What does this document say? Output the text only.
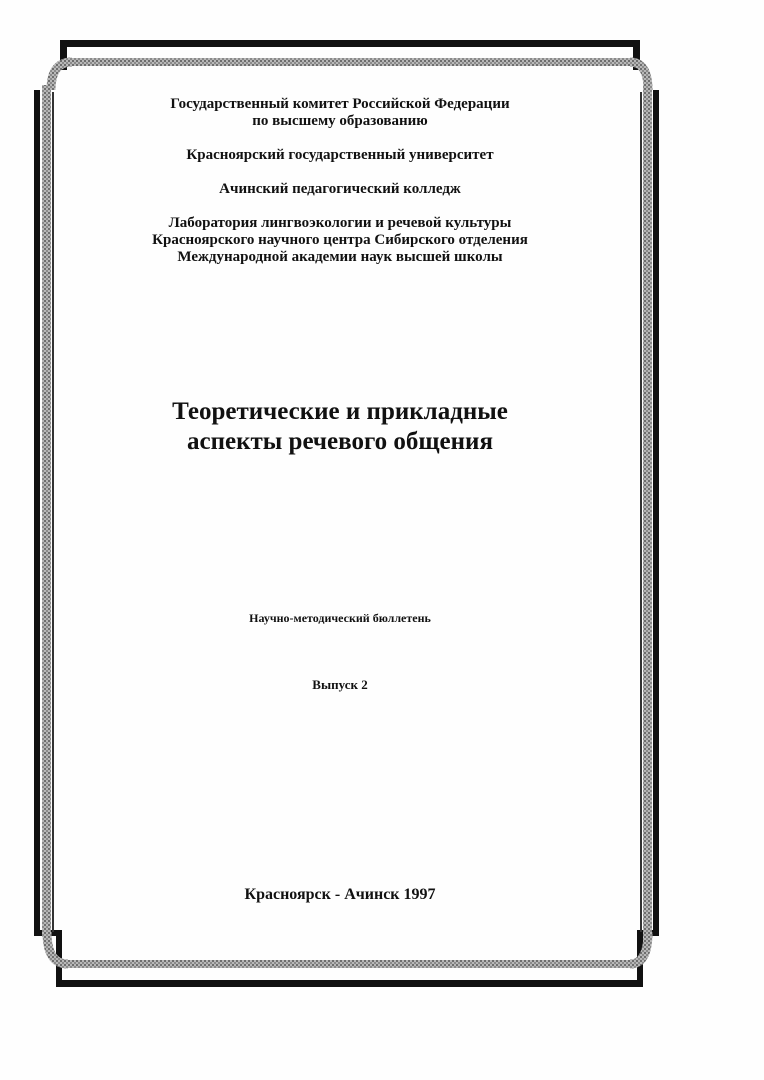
Государственный комитет Российской Федерации

по высшему образованию

Красноярский государственный университет

Ачинский педагогический колледж

Лаборатория лингвоэкологии и речевой культуры

Красноярского научного центра Сибирского отделения

Международной академии наук высшей школы

Теоретические и прикладные

аспекты речевого общения

Научно-методический бюллетень
Выпуск 2
Красноярск - Ачинск 1997
